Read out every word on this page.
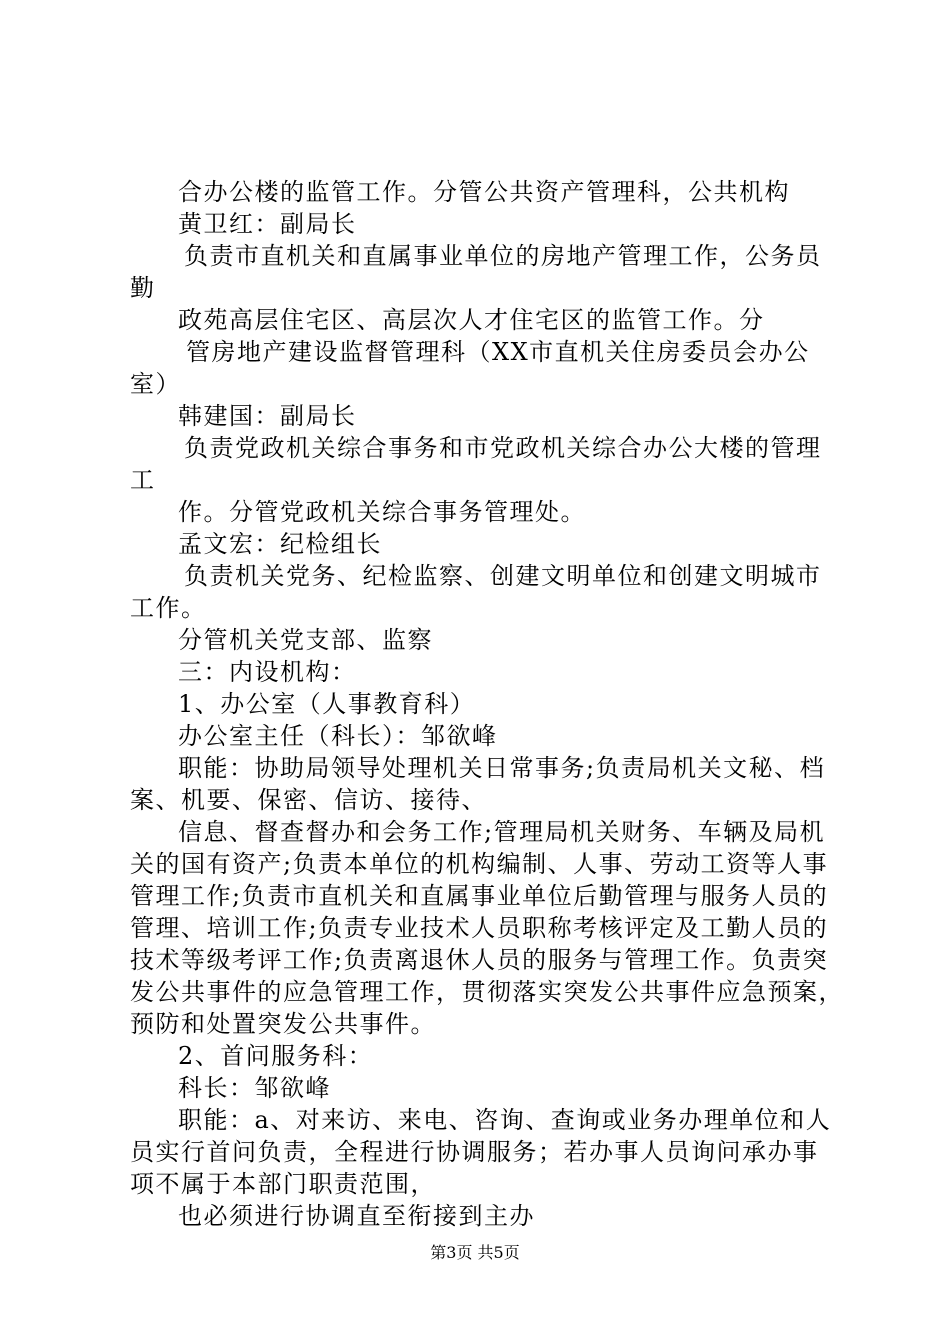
合办公楼的监管工作。分管公共资产管理科，公共机构
黄卫红：副局长
负责市直机关和直属事业单位的房地产管理工作，公务员
勤
政苑高层住宅区、高层次人才住宅区的监管工作。分
管房地产建设监督管理科（XX市直机关住房委员会办公
室）
韩建国：副局长
负责党政机关综合事务和市党政机关综合办公大楼的管理
工
作。分管党政机关综合事务管理处。
孟文宏：纪检组长
负责机关党务、纪检监察、创建文明单位和创建文明城市
工作。
分管机关党支部、监察
三：内设机构：
1、办公室（人事教育科）
办公室主任（科长）：邹欲峰
职能：协助局领导处理机关日常事务;负责局机关文秘、档
案、机要、保密、信访、接待、
信息、督查督办和会务工作;管理局机关财务、车辆及局机
关的国有资产;负责本单位的机构编制、人事、劳动工资等人事
管理工作;负责市直机关和直属事业单位后勤管理与服务人员的
管理、培训工作;负责专业技术人员职称考核评定及工勤人员的
技术等级考评工作;负责离退休人员的服务与管理工作。负责突
发公共事件的应急管理工作，贯彻落实突发公共事件应急预案，
预防和处置突发公共事件。
2、首问服务科：
科长：邹欲峰
职能：a、对来访、来电、咨询、查询或业务办理单位和人
员实行首问负责，全程进行协调服务；若办事人员询问承办事
项不属于本部门职责范围，
也必须进行协调直至衔接到主办
第3页 共5页
